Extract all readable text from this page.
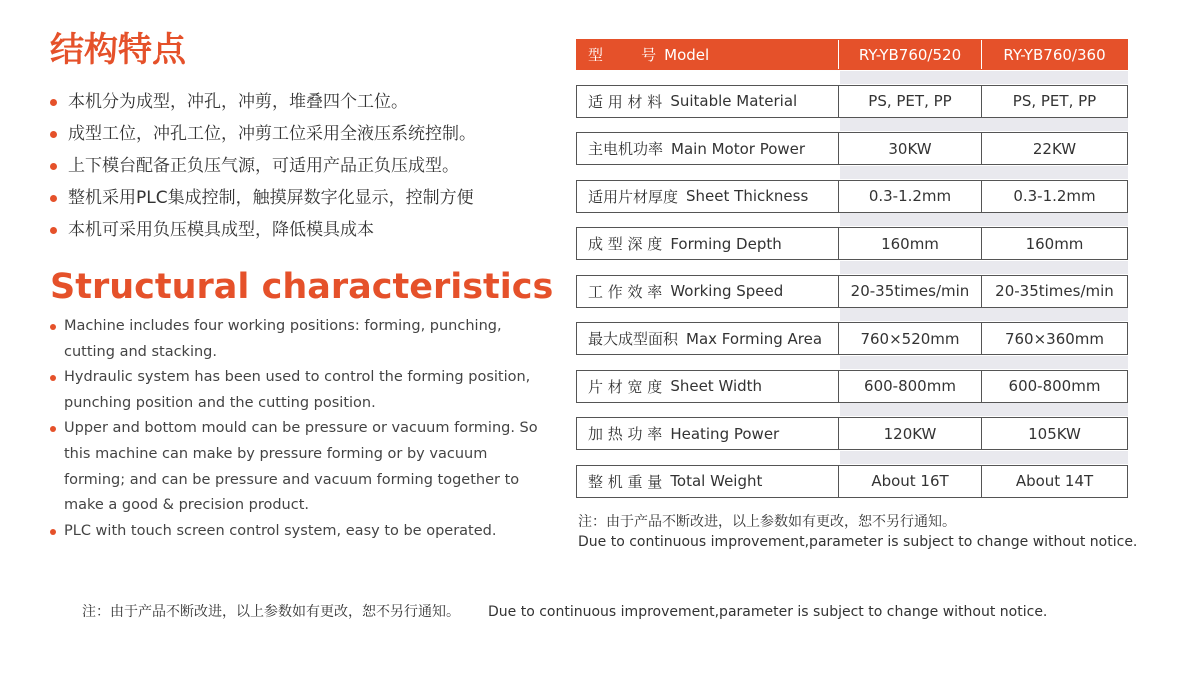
结构特点
本机分为成型，冲孔，冲剪，堆叠四个工位。
成型工位，冲孔工位，冲剪工位采用全液压系统控制。
上下模台配备正负压气源，可适用产品正负压成型。
整机采用PLC集成控制，触摸屏数字化显示，控制方便
本机可采用负压模具成型，降低模具成本
Structural characteristics
Machine includes four working positions: forming, punching, cutting and stacking.
Hydraulic system has been used to control the forming position, punching position and the cutting position.
Upper and bottom mould can be pressure or vacuum forming. So this machine can make by pressure forming or by vacuum forming; and can be pressure and vacuum forming together to make a good & precision product.
PLC with touch screen control system, easy to be operated.
型        号 Model	RY-YB760/520	RY-YB760/360
适 用 材 料 Suitable Material	PS, PET, PP	PS, PET, PP
主电机功率 Main Motor Power	30KW	22KW
适用片材厚度 Sheet Thickness	0.3-1.2mm	0.3-1.2mm
成 型 深 度 Forming Depth	160mm	160mm
工 作 效 率 Working Speed	20-35times/min	20-35times/min
最大成型面积 Max Forming Area	760×520mm	760×360mm
片 材 宽 度 Sheet Width	600-800mm	600-800mm
加 热 功 率 Heating Power	120KW	105KW
整 机 重 量 Total Weight	About 16T	About 14T
注：由于产品不断改进，以上参数如有更改，恕不另行通知。
Due to continuous improvement,parameter is subject to change without notice.
注：由于产品不断改进，以上参数如有更改，恕不另行通知。 Due to continuous improvement,parameter is subject to change without notice.
